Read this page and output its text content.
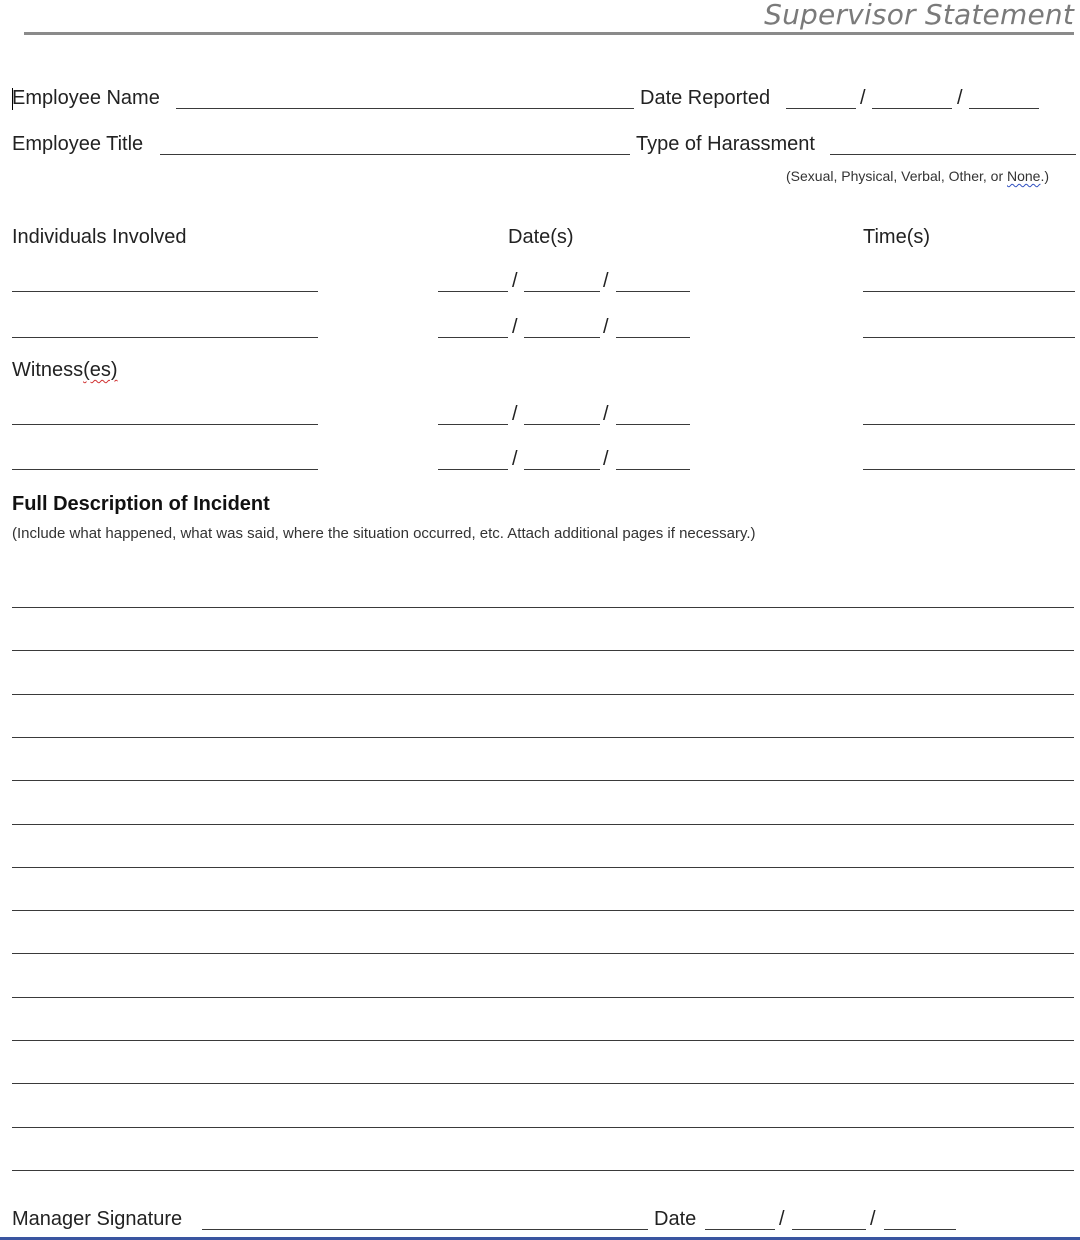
Supervisor Statement
Employee Name	Date Reported	/	/
Employee Title	Type of Harassment
(Sexual, Physical, Verbal, Other, or None.)
Individuals Involved	Date(s)	Time(s)
/	/
/	/
Witness(es)
/	/
/	/
Full Description of Incident
(Include what happened, what was said, where the situation occurred, etc. Attach additional pages if necessary.)
Manager Signature	Date	/	/
